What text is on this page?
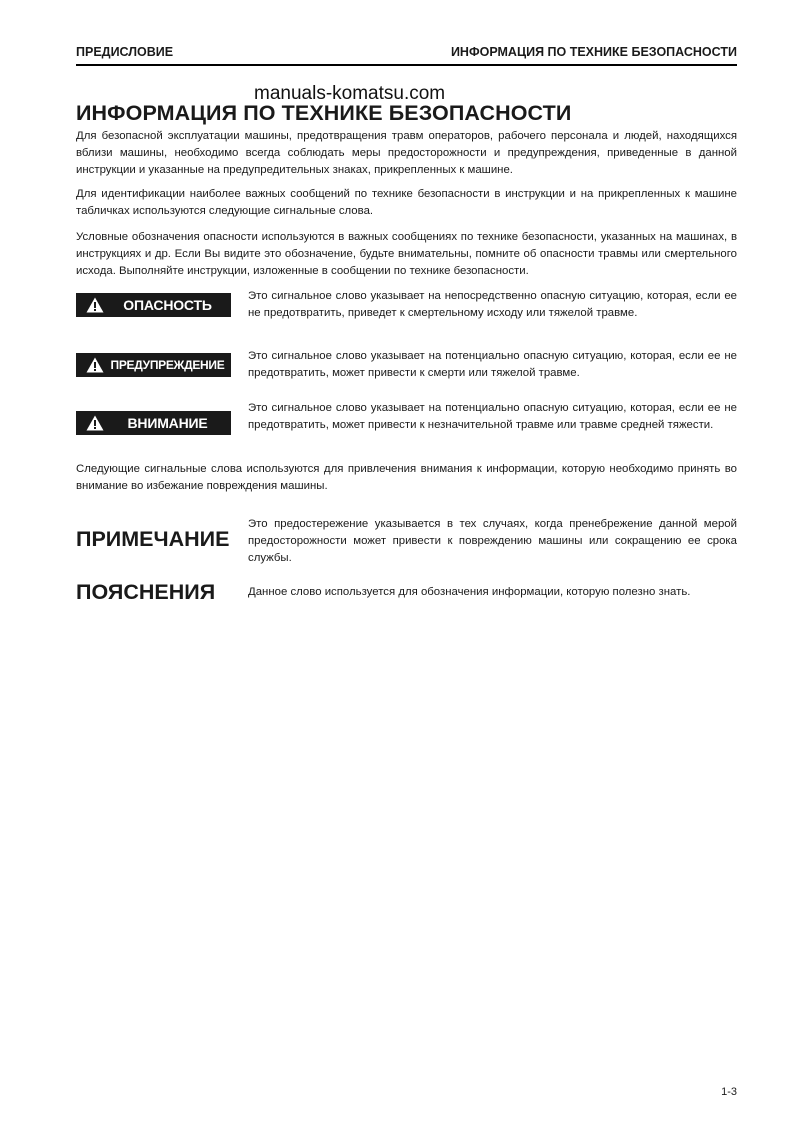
ПРЕДИСЛОВИЕ	ИНФОРМАЦИЯ ПО ТЕХНИКЕ БЕЗОПАСНОСТИ
manuals-komatsu.com
ИНФОРМАЦИЯ ПО ТЕХНИКЕ БЕЗОПАСНОСТИ

Для безопасной эксплуатации машины, предотвращения травм операторов, рабочего персонала и людей, находящихся вблизи машины, необходимо всегда соблюдать меры предосторожности и предупреждения, приведенные в данной инструкции и указанные на предупредительных знаках, прикрепленных к машине.

Для идентификации наиболее важных сообщений по технике безопасности в инструкции и на прикрепленных к машине табличках используются следующие сигнальные слова.

Условные обозначения опасности используются в важных сообщениях по технике безопасности, указанных на машинах, в инструкциях и др. Если Вы видите это обозначение, будьте внимательны, помните об опасности травмы или смертельного исхода. Выполняйте инструкции, изложенные в сообщении по технике безопасности.

ОПАСНОСТЬ

Это сигнальное слово указывает на непосредственно опасную ситуацию, которая, если ее не предотвратить, приведет к смертельному исходу или тяжелой травме.

ПРЕДУПРЕЖДЕНИЕ

Это сигнальное слово указывает на потенциально опасную ситуацию, которая, если ее не предотвратить, может привести к смерти или тяжелой травме.

ВНИМАНИЕ

Это сигнальное слово указывает на потенциально опасную ситуацию, которая, если ее не предотвратить, может привести к незначительной травме или травме средней тяжести.

Следующие сигнальные слова используются для привлечения внимания к информации, которую необходимо принять во внимание во избежание повреждения машины.

ПРИМЕЧАНИЕ

Это предостережение указывается в тех случаях, когда пренебрежение данной мерой предосторожности может привести к повреждению машины или сокращению ее срока службы.

ПОЯСНЕНИЯ	Данное слово используется для обозначения информации, которую полезно знать.

1-3
